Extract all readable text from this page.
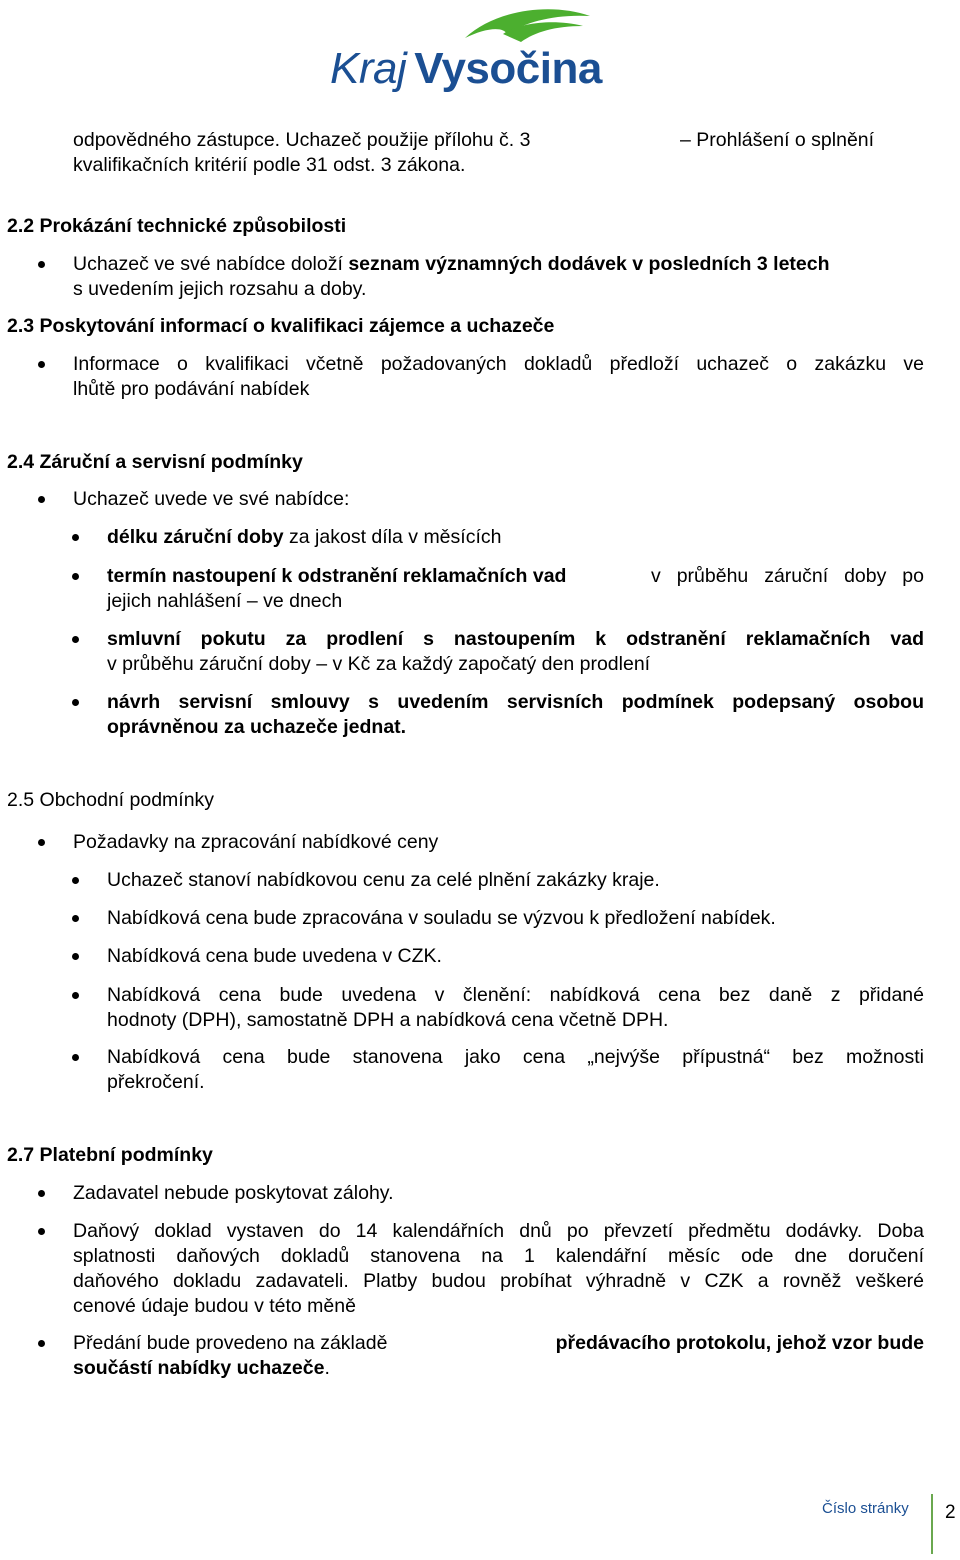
Kraj Vysočina
odpovědného zástupce. Uchazeč použije přílohu č. 3	– Prohlášení o splnění
kvalifikačních kritérií podle 31 odst. 3 zákona.
2.2 Prokázání technické způsobilosti
Uchazeč ve své nabídce doloží seznam významných dodávek v posledních 3 letech
s uvedením jejich rozsahu a doby.
2.3 Poskytování informací o kvalifikaci zájemce a uchazeče
Informace o kvalifikaci včetně požadovaných dokladů předloží uchazeč o zakázku ve
lhůtě pro podávání nabídek
2.4 Záruční a servisní podmínky
Uchazeč uvede ve své nabídce:
délku záruční doby za jakost díla v měsících
termín nastoupení k odstranění reklamačních vad	v průběhu záruční doby po
jejich nahlášení – ve dnech
smluvní pokutu za prodlení s nastoupením k odstranění reklamačních vad
v průběhu záruční doby – v Kč za každý započatý den prodlení
návrh servisní smlouvy s uvedením servisních podmínek podepsaný osobou
oprávněnou za uchazeče jednat.
2.5 Obchodní podmínky
Požadavky na zpracování nabídkové ceny
Uchazeč stanoví nabídkovou cenu za celé plnění zakázky kraje.
Nabídková cena bude zpracována v souladu se výzvou k předložení nabídek.
Nabídková cena bude uvedena v CZK.
Nabídková cena bude uvedena v členění: nabídková cena bez daně z přidané
hodnoty (DPH), samostatně DPH a nabídková cena včetně DPH.
Nabídková cena bude stanovena jako cena „nejvýše přípustná“ bez možnosti
překročení.
2.7 Platební podmínky
Zadavatel nebude poskytovat zálohy.
Daňový doklad vystaven do 14 kalendářních dnů po převzetí předmětu dodávky. Doba
splatnosti daňových dokladů stanovena na 1 kalendářní měsíc ode dne doručení
daňového dokladu zadavateli. Platby budou probíhat výhradně v CZK a rovněž veškeré
cenové údaje budou v této měně
Předání bude provedeno na základě	předávacího protokolu, jehož vzor bude
součástí nabídky uchazeče.
Číslo stránky 2
